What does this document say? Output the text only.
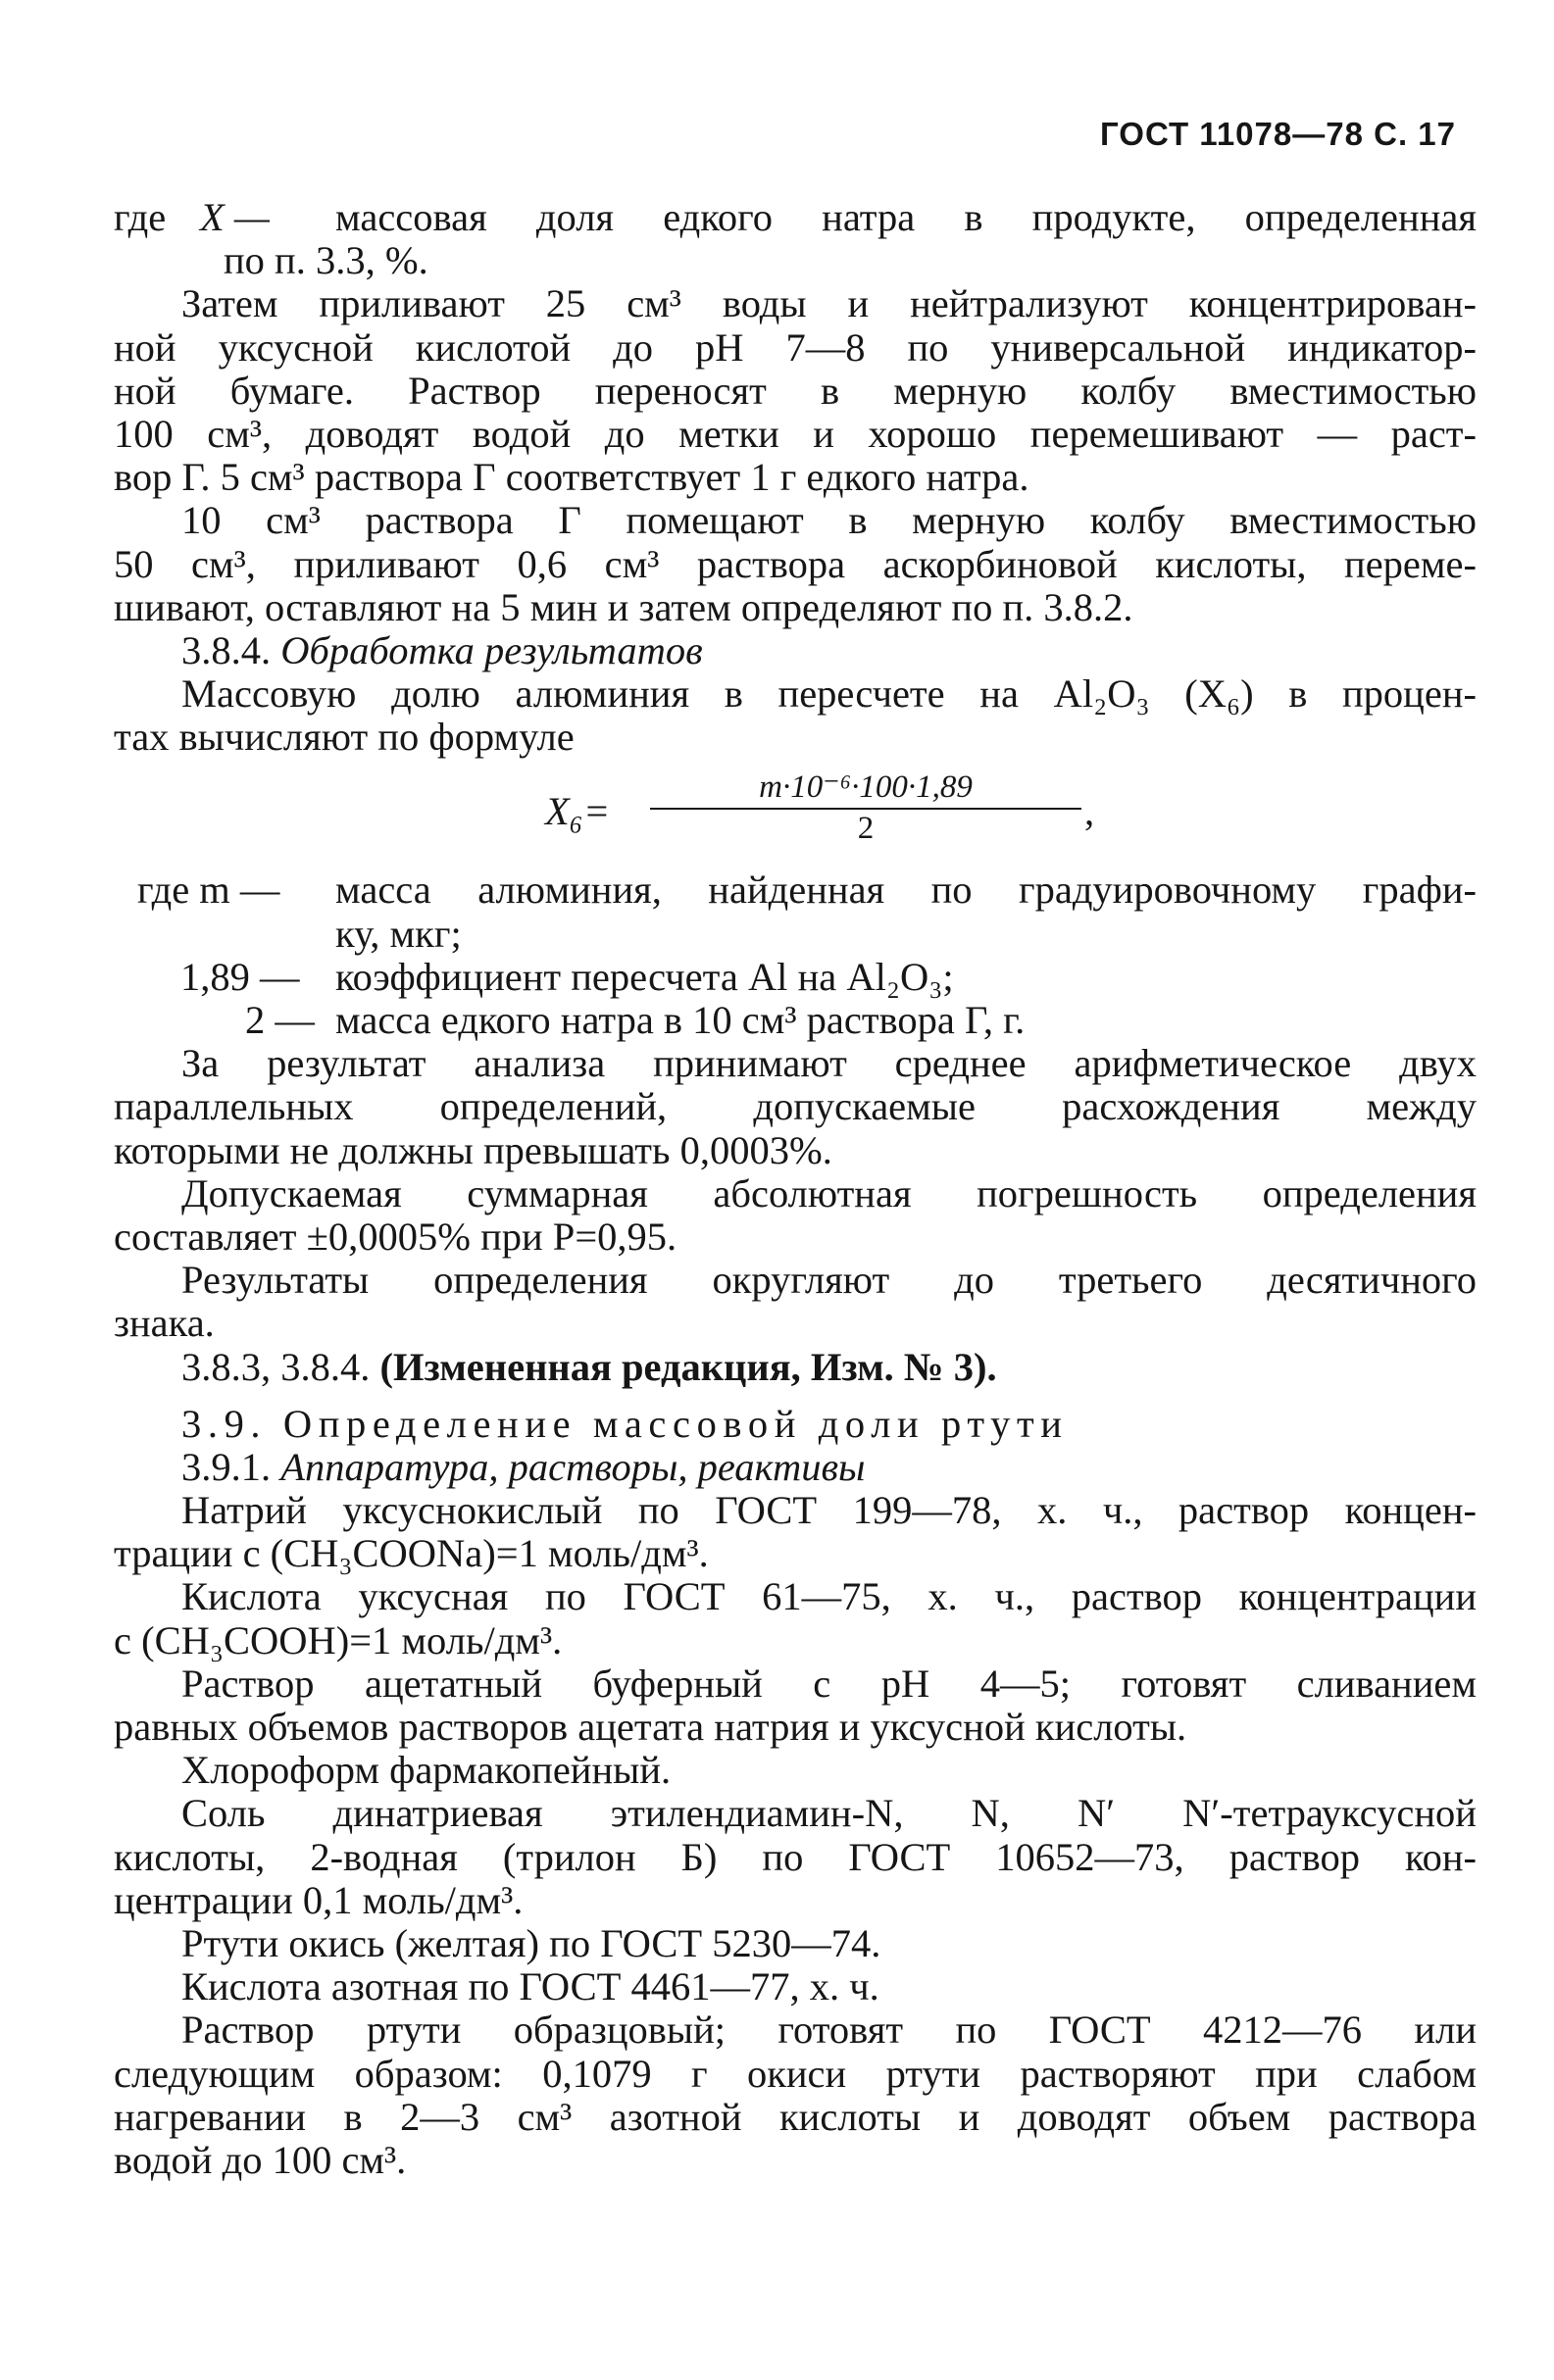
ГОСТ 11078—78 С. 17
где X —	массовая доля едкого натра в продукте, определенная
по п. 3.3, %.
Затем приливают 25 см³ воды и нейтрализуют концентрирован-
ной уксусной кислотой до pH 7—8 по универсальной индикатор-
ной бумаге. Раствор переносят в мерную колбу вместимостью
100 см³, доводят водой до метки и хорошо перемешивают — раст-
вор Г. 5 см³ раствора Г соответствует 1 г едкого натра.
10 см³ раствора Г помещают в мерную колбу вместимостью
50 см³, приливают 0,6 см³ раствора аскорбиновой кислоты, переме-
шивают, оставляют на 5 мин и затем определяют по п. 3.8.2.
3.8.4. Обработка результатов
Массовую долю алюминия в пересчете на Al₂O₃ (X₆) в процен-
тах вычисляют по формуле
$X_6= \frac{\text{m·10⁻⁶·100·1,89}}{2}$ ,
где m —	масса алюминия, найденная по градуировочному графи-
ку, мкг;
1,89 — коэффициент пересчета Al на Al₂O₃;
2 — масса едкого натра в 10 см³ раствора Г, г.
За результат анализа принимают среднее арифметическое двух
параллельных определений, допускаемые расхождения между
которыми не должны превышать 0,0003%.
Допускаемая суммарная абсолютная погрешность определения
составляет ±0,0005% при P=0,95.
Результаты определения округляют до третьего десятичного
знака.
3.8.3, 3.8.4. (Измененная редакция, Изм. № 3).
3.9. Определение массовой доли ртути
3.9.1. Аппаратура, растворы, реактивы
Натрий уксуснокислый по ГОСТ 199—78, х. ч., раствор концен-
трации c (CH₃COONa)=1 моль/дм³.
Кислота уксусная по ГОСТ 61—75, х. ч., раствор концентрации
c (CH₃COOH)=1 моль/дм³.
Раствор ацетатный буферный с pH 4—5; готовят сливанием
равных объемов растворов ацетата натрия и уксусной кислоты.
Хлороформ фармакопейный.
Соль динатриевая этилендиамин-N, N, N′ N′-тетрауксусной
кислоты, 2-водная (трилон Б) по ГОСТ 10652—73, раствор кон-
центрации 0,1 моль/дм³.
Ртути окись (желтая) по ГОСТ 5230—74.
Кислота азотная по ГОСТ 4461—77, х. ч.
Раствор ртути образцовый; готовят по ГОСТ 4212—76 или
следующим образом: 0,1079 г окиси ртути растворяют при слабом
нагревании в 2—3 см³ азотной кислоты и доводят объем раствора
водой до 100 см³.
